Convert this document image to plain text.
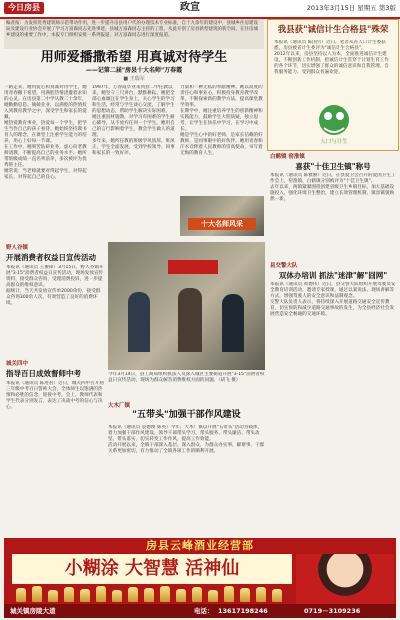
今日房县	政宣	2013年3月15日 星期五 第3版
编者按：为发挥优秀建筑师示范带动作用，进一步提升房县用户代的办理技术专业标准，自十九余年的建设中，县城乡住房建设局及建设行业协会开展了学习万富森同志先进事迹，县城万富森同志主持的工程，从此开创了房县新型建筑的新空间。在住房城乡建设的重要工作中，本报专门组织安排一系列报道，对万富森同志进行深度报道。
用师爱播撒希望 用真诚对待学生
——记第二届"房县十大名师"万春霞
■ 王瑞军

一路走来，她用爱心和真诚对待学生，她用青春撒下希望，用满腔热情浇灌着求知的心灵。在房县第二中学从教二十余年，她勤勤恳恳、兢兢业业，以满腔的热情投入到教育教学之中，深受学生和家长的爱戴。
她热爱教育事业，热爱每一个学生，把学生当作自己的孩子看待。她始终坚持教书育人的理念，在课堂上注重学生能力的培养，用心上好每一节课。
在工作中，她刻苦钻研业务，虚心向老教师请教，不断提高自己的业务水平。她所带班级成绩一直名列前茅，多次被评为优秀班主任。
她常说：当老师就要对得起学生，对得起家长，对得起自己的良心。

1997年，万春霞毕业来到县二中任教以来，她坚守三尺讲台，默默耕耘。她把全部心血倾注在学生身上，关心学生的学习和生活，经常与学生谈心交流，了解学生的思想动态，帮助学生解决实际困难。
她注重因材施教，对学习有困难的学生耐心辅导，从不放弃任何一个学生。她用自己的言行影响着学生，教会学生做人的道理。
多年来，她所任教的班级学风浓厚、班风正，学生全面发展，受到学校领导、同事和家长的一致好评。

力量和一种无私的奉献精神。她以高度的责任心和事业心，积极投身教育教学改革，不断探索新的教学方法，提高课堂教学效率。
在教学中，她注重培养学生的创新精神和实践能力，鼓励学生大胆质疑，独立思考，让学生在快乐中学习，在学习中成长。
她是学生心中的好老师，是家长信赖的好教师，是同事眼中的好伙伴。她用青春和汗水诠释着人民教师的崇高使命，书写着无悔的教育人生。

十大名师风采
我县获"诚信计生合格县"殊荣

本报讯（通讯员 陈国兴）近日，笔者从省人口计生委获悉，房县被省计生委评为"诚信计生合格县"。
2012年以来，房县坚持以人为本，全面推进诚信计生建设，不断创新工作机制，把诚信计生贯穿于计划生育工作的各个环节，切实增强了群众的诚信意识和自我管理、自我服务能力，受到群众普遍欢迎。

人口与计生
白鹤镇 窑淮镇
喜获"十佳卫生镇"称号

本报讯（通讯员 陈雅丽）近日，在县爱卫会召开的爱国卫生工作会上，窑淮镇、白鹤镇分别被评为"十佳卫生镇"。
去年以来，两镇紧紧围绕创建省级卫生乡镇目标，加大基础设施投入，强化环境卫生整治，建立长效管理机制，镇容镇貌焕然一新。

县交警大队
双体办培训 抓法"迷津"解"囧网"

本报讯（通讯员 黄德伟）近日，县交警大队组织开展驾驶员安全教育培训活动，邀请专家授课，通过以案说法、现场讲解等方式，增强驾驶人的安全意识和法制观念。
交警大队负责人表示，将持续深入开展道路交通安全宣传教育，切实预防和减少道路交通事故的发生，为全县经济社会发展营造安全畅通的交通环境。

野人谷镇
开展消费者权益日宣传活动

本报讯（通讯员 王俊锋）3月15日，野人谷镇开展"3·15"消费者权益日宣传活动，现场发放宣传资料，接受群众咨询，受理消费投诉，进一步提高群众的维权意识。
据统计，当天共发放宣传单2000余份，接受群众咨询300余人次，有效营造了良好的消费环境。

城关四中
指导百日成效督师中考

本报讯（通讯员 陈进君）近日，城关四中召开初三年级中考百日誓师大会，全体师生以饱满的热情和必胜的信念，迎接中考。会上，教师代表和学生代表分别发言，表达了决战中考的信心与决心。

今年3月14日，县工商局组织执法人员深入城区主要街道开展"3·15"消费者权益日宣传活动，现场为群众解答消费维权方面的问题。（胡飞 摄）

大木厂镇
"五带头"加强干部作风建设

本报讯（通讯员 袁德俊 陈英）今年，大木厂镇以开展"五带头"活动为载体，着力加强干部作风建设。领导干部带头学习、带头服务、带头廉洁、带头攻坚、带头落实，切实转变工作作风，提高工作效能。
活动开展以来，全镇干部深入基层、深入群众，为群众办实事、解难事，干群关系更加密切，有力推动了全镇各项工作的顺利开展。

房县云峰酒业经营部
小糊涂 大智慧 活神仙
城关镇房陵大道	电话： 13617198246	0719－3109236
